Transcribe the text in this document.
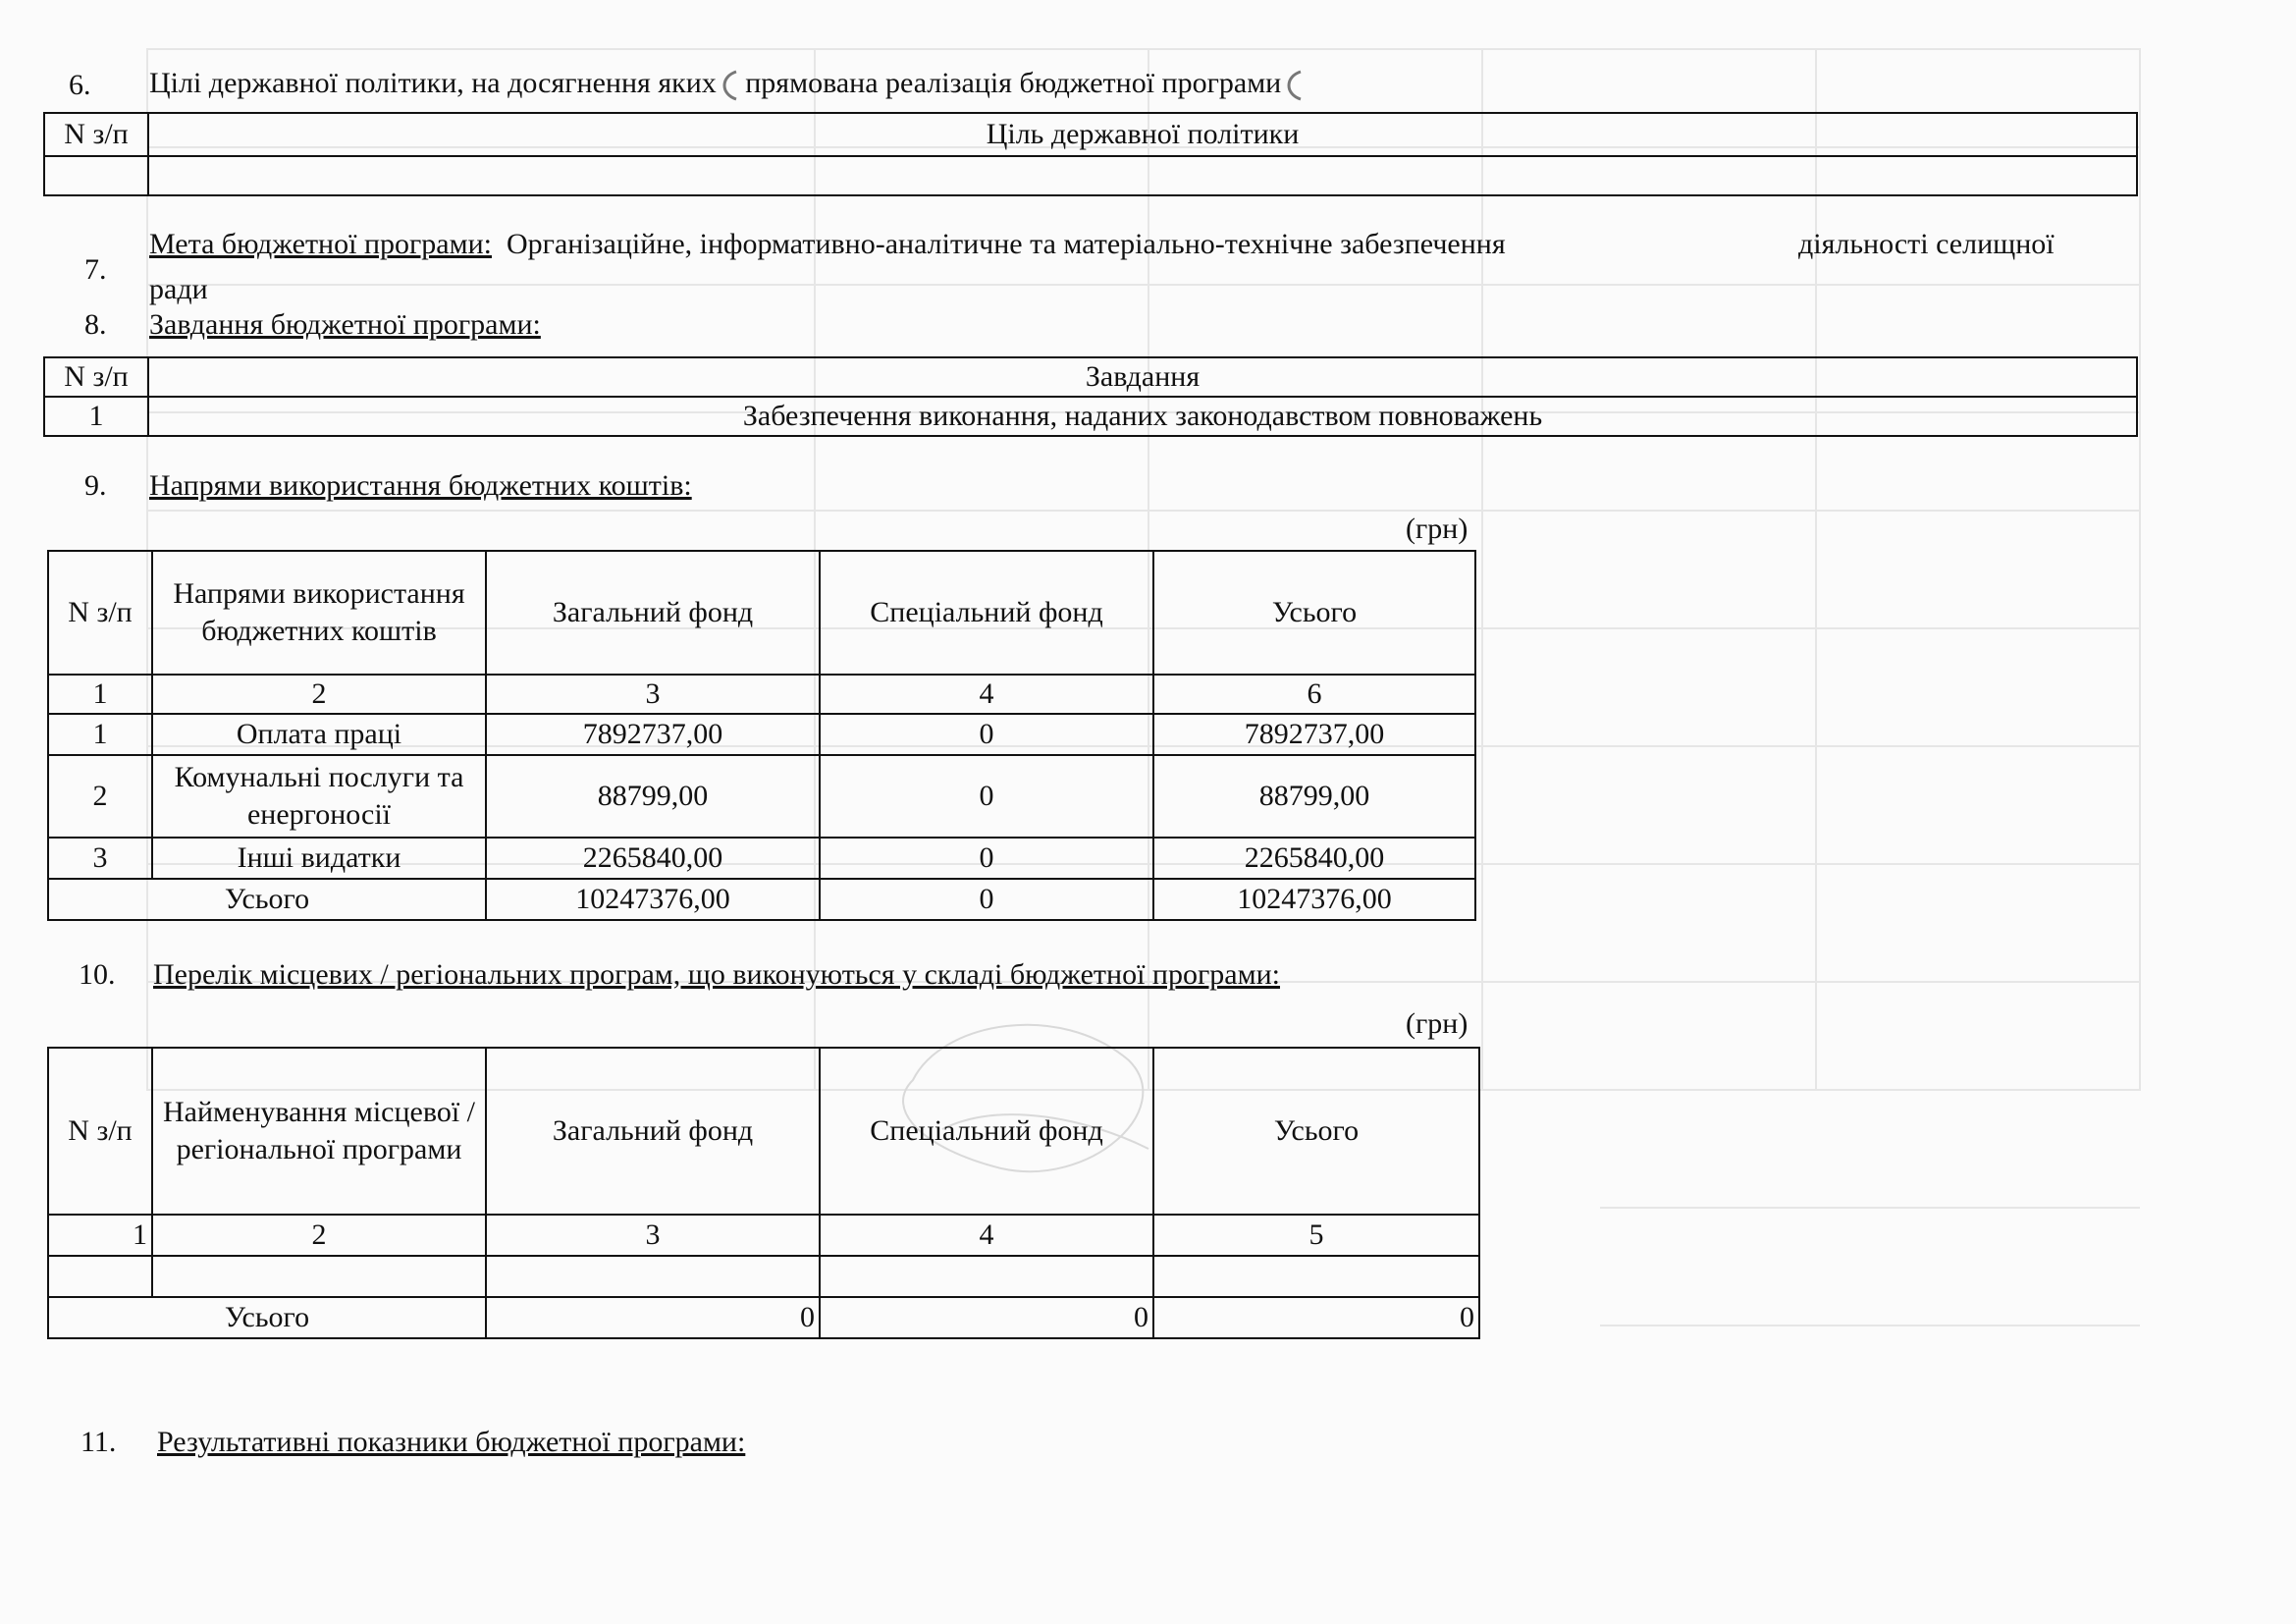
6. Цілі державної політики, на досягнення яких прямована реалізація бюджетної програми
N з/п	Ціль державної політики

7.
Мета бюджетної програми: Організаційне, інформативно-аналітичне та матеріально-технічне забезпечення	діяльності селищної
ради
8. Завдання бюджетної програми:
N з/п	Завдання
1	Забезпечення виконання, наданих законодавством повноважень
9. Напрями використання бюджетних коштів:
(грн)
N з/п	Напрями використання бюджетних коштів	Загальний фонд	Спеціальний фонд	Усього
1	2	3	4	6
1	Оплата праці	7892737,00	0	7892737,00
2	Комунальні послуги та енергоносії	88799,00	0	88799,00
3	Інші видатки	2265840,00	0	2265840,00
Усього		10247376,00	0	10247376,00
10. Перелік місцевих / регіональних програм, що виконуються у складі бюджетної програми:
(грн)
N з/п	Найменування місцевої / регіональної програми	Загальний фонд	Спеціальний фонд	Усього
1	2	3	4	5

Усього		0	0	0
11. Результативні показники бюджетної програми:
